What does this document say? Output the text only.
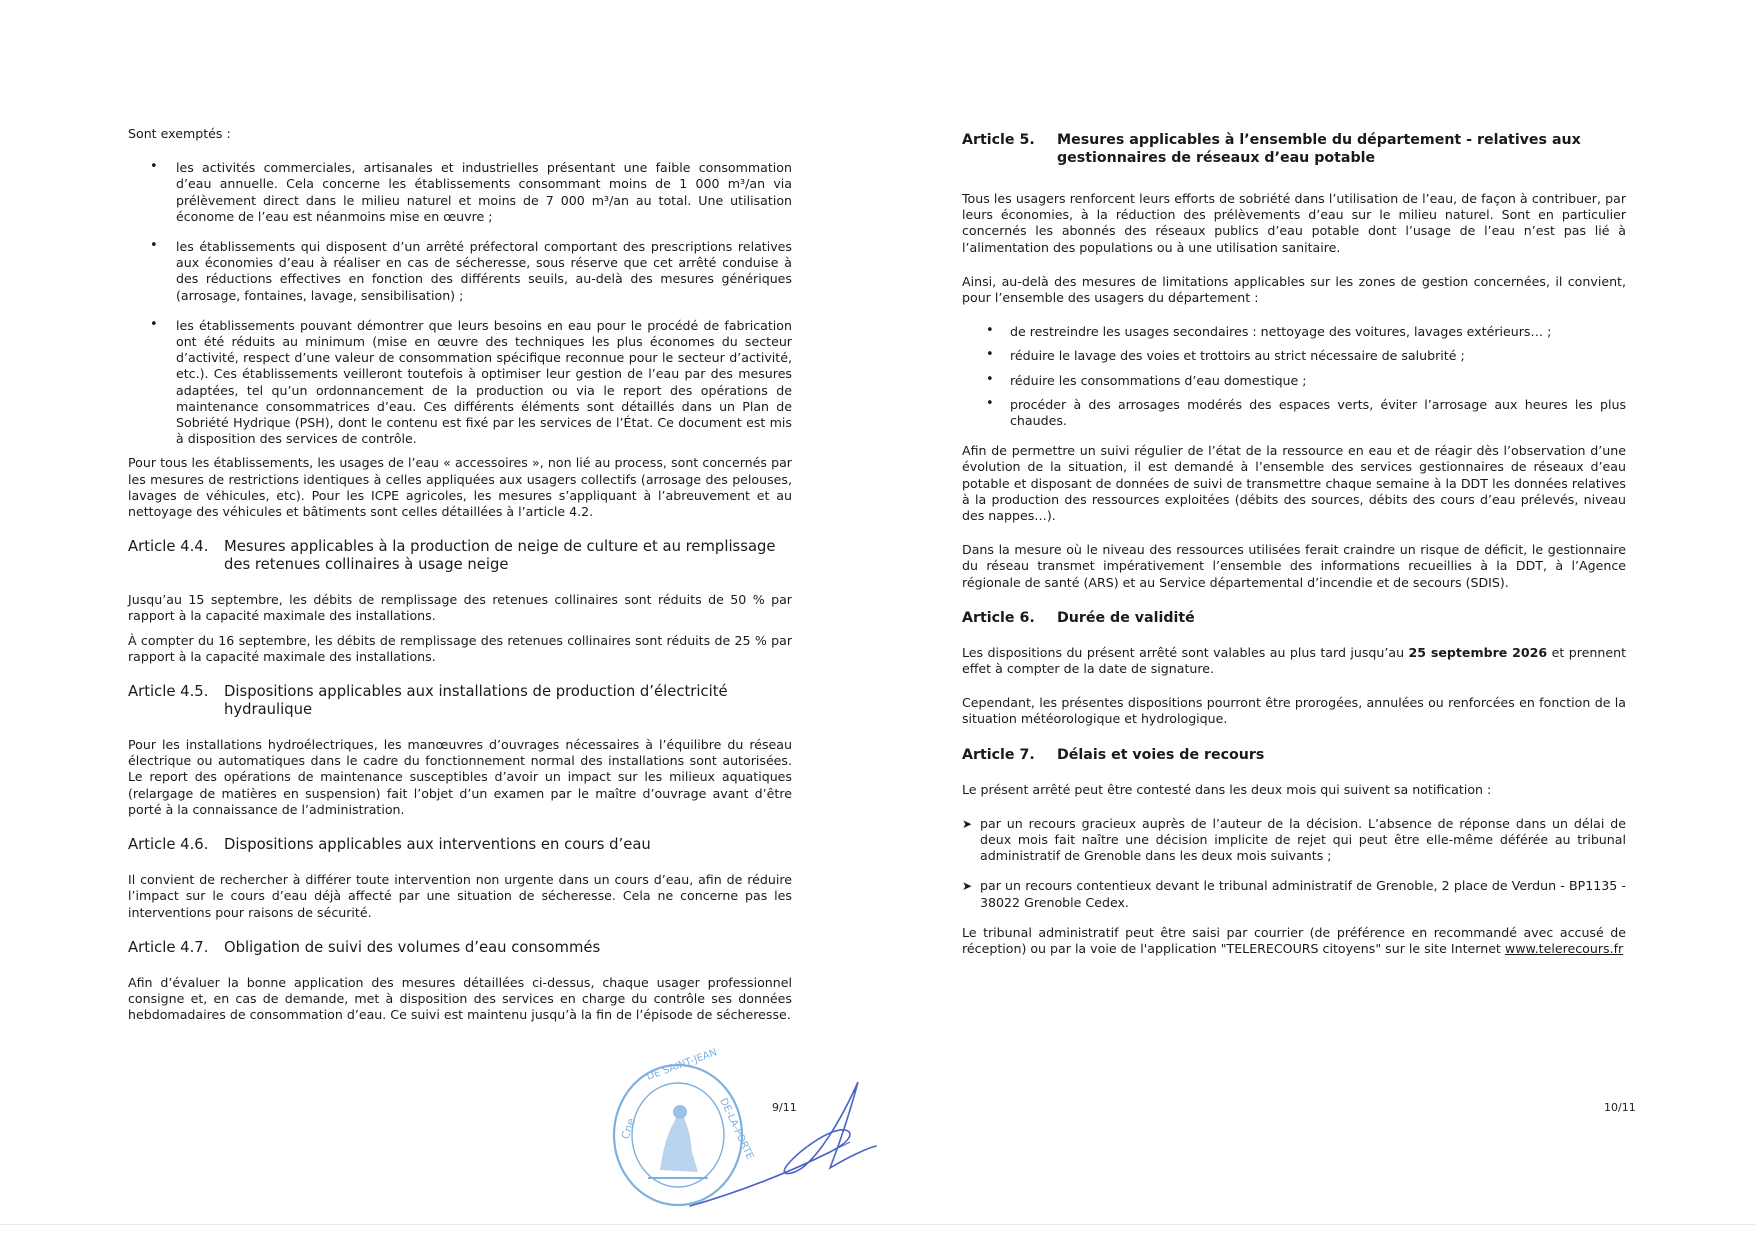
Sont exemptés :

• les activités commerciales, artisanales et industrielles présentant une faible consommation d’eau annuelle. Cela concerne les établissements consommant moins de 1 000 m³/an via prélèvement direct dans le milieu naturel et moins de 7 000 m³/an au total. Une utilisation économe de l’eau est néanmoins mise en œuvre ;
• les établissements qui disposent d’un arrêté préfectoral comportant des prescriptions relatives aux économies d’eau à réaliser en cas de sécheresse, sous réserve que cet arrêté conduise à des réductions effectives en fonction des différents seuils, au-delà des mesures génériques (arrosage, fontaines, lavage, sensibilisation) ;
• les établissements pouvant démontrer que leurs besoins en eau pour le procédé de fabrication ont été réduits au minimum (mise en œuvre des techniques les plus économes du secteur d’activité, respect d’une valeur de consommation spécifique reconnue pour le secteur d’activité, etc.). Ces établissements veilleront toutefois à optimiser leur gestion de l’eau par des mesures adaptées, tel qu’un ordonnancement de la production ou via le report des opérations de maintenance consommatrices d’eau. Ces différents éléments sont détaillés dans un Plan de Sobriété Hydrique (PSH), dont le contenu est fixé par les services de l’État. Ce document est mis à disposition des services de contrôle.

Pour tous les établissements, les usages de l’eau « accessoires », non lié au process, sont concernés par les mesures de restrictions identiques à celles appliquées aux usagers collectifs (arrosage des pelouses, lavages de véhicules, etc). Pour les ICPE agricoles, les mesures s’appliquant à l’abreuvement et au nettoyage des véhicules et bâtiments sont celles détaillées à l’article 4.2.

Article 4.4.	Mesures applicables à la production de neige de culture et au remplissage des retenues collinaires à usage neige

Jusqu’au 15 septembre, les débits de remplissage des retenues collinaires sont réduits de 50 % par rapport à la capacité maximale des installations.

À compter du 16 septembre, les débits de remplissage des retenues collinaires sont réduits de 25 % par rapport à la capacité maximale des installations.

Article 4.5.	Dispositions applicables aux installations de production d’électricité hydraulique

Pour les installations hydroélectriques, les manœuvres d’ouvrages nécessaires à l’équilibre du réseau électrique ou automatiques dans le cadre du fonctionnement normal des installations sont autorisées. Le report des opérations de maintenance susceptibles d’avoir un impact sur les milieux aquatiques (relargage de matières en suspension) fait l’objet d’un examen par le maître d’ouvrage avant d’être porté à la connaissance de l’administration.

Article 4.6.	Dispositions applicables aux interventions en cours d’eau

Il convient de rechercher à différer toute intervention non urgente dans un cours d’eau, afin de réduire l’impact sur le cours d’eau déjà affecté par une situation de sécheresse. Cela ne concerne pas les interventions pour raisons de sécurité.

Article 4.7.	Obligation de suivi des volumes d’eau consommés

Afin d’évaluer la bonne application des mesures détaillées ci-dessus, chaque usager professionnel consigne et, en cas de demande, met à disposition des services en charge du contrôle ses données hebdomadaires de consommation d’eau. Ce suivi est maintenu jusqu’à la fin de l’épisode de sécheresse.

9/11
Cne
DE SAINT-JEAN
DE-LA-PORTE
Article 5.	Mesures applicables à l’ensemble du département - relatives aux gestionnaires de réseaux d’eau potable

Tous les usagers renforcent leurs efforts de sobriété dans l’utilisation de l’eau, de façon à contribuer, par leurs économies, à la réduction des prélèvements d’eau sur le milieu naturel. Sont en particulier concernés les abonnés des réseaux publics d’eau potable dont l’usage de l’eau n’est pas lié à l’alimentation des populations ou à une utilisation sanitaire.

Ainsi, au-delà des mesures de limitations applicables sur les zones de gestion concernées, il convient, pour l’ensemble des usagers du département :

• de restreindre les usages secondaires : nettoyage des voitures, lavages extérieurs… ;
• réduire le lavage des voies et trottoirs au strict nécessaire de salubrité ;
• réduire les consommations d’eau domestique ;
• procéder à des arrosages modérés des espaces verts, éviter l’arrosage aux heures les plus chaudes.

Afin de permettre un suivi régulier de l’état de la ressource en eau et de réagir dès l’observation d’une évolution de la situation, il est demandé à l’ensemble des services gestionnaires de réseaux d’eau potable et disposant de données de suivi de transmettre chaque semaine à la DDT les données relatives à la production des ressources exploitées (débits des sources, débits des cours d’eau prélevés, niveau des nappes…).

Dans la mesure où le niveau des ressources utilisées ferait craindre un risque de déficit, le gestionnaire du réseau transmet impérativement l’ensemble des informations recueillies à la DDT, à l’Agence régionale de santé (ARS) et au Service départemental d’incendie et de secours (SDIS).

Article 6.	Durée de validité

Les dispositions du présent arrêté sont valables au plus tard jusqu’au 25 septembre 2026 et prennent effet à compter de la date de signature.

Cependant, les présentes dispositions pourront être prorogées, annulées ou renforcées en fonction de la situation météorologique et hydrologique.

Article 7.	Délais et voies de recours

Le présent arrêté peut être contesté dans les deux mois qui suivent sa notification :

➤ par un recours gracieux auprès de l’auteur de la décision. L’absence de réponse dans un délai de deux mois fait naître une décision implicite de rejet qui peut être elle-même déférée au tribunal administratif de Grenoble dans les deux mois suivants ;
➤ par un recours contentieux devant le tribunal administratif de Grenoble, 2 place de Verdun - BP1135 - 38022 Grenoble Cedex.

Le tribunal administratif peut être saisi par courrier (de préférence en recommandé avec accusé de réception) ou par la voie de l'application "TELERECOURS citoyens" sur le site Internet www.telerecours.fr

10/11
